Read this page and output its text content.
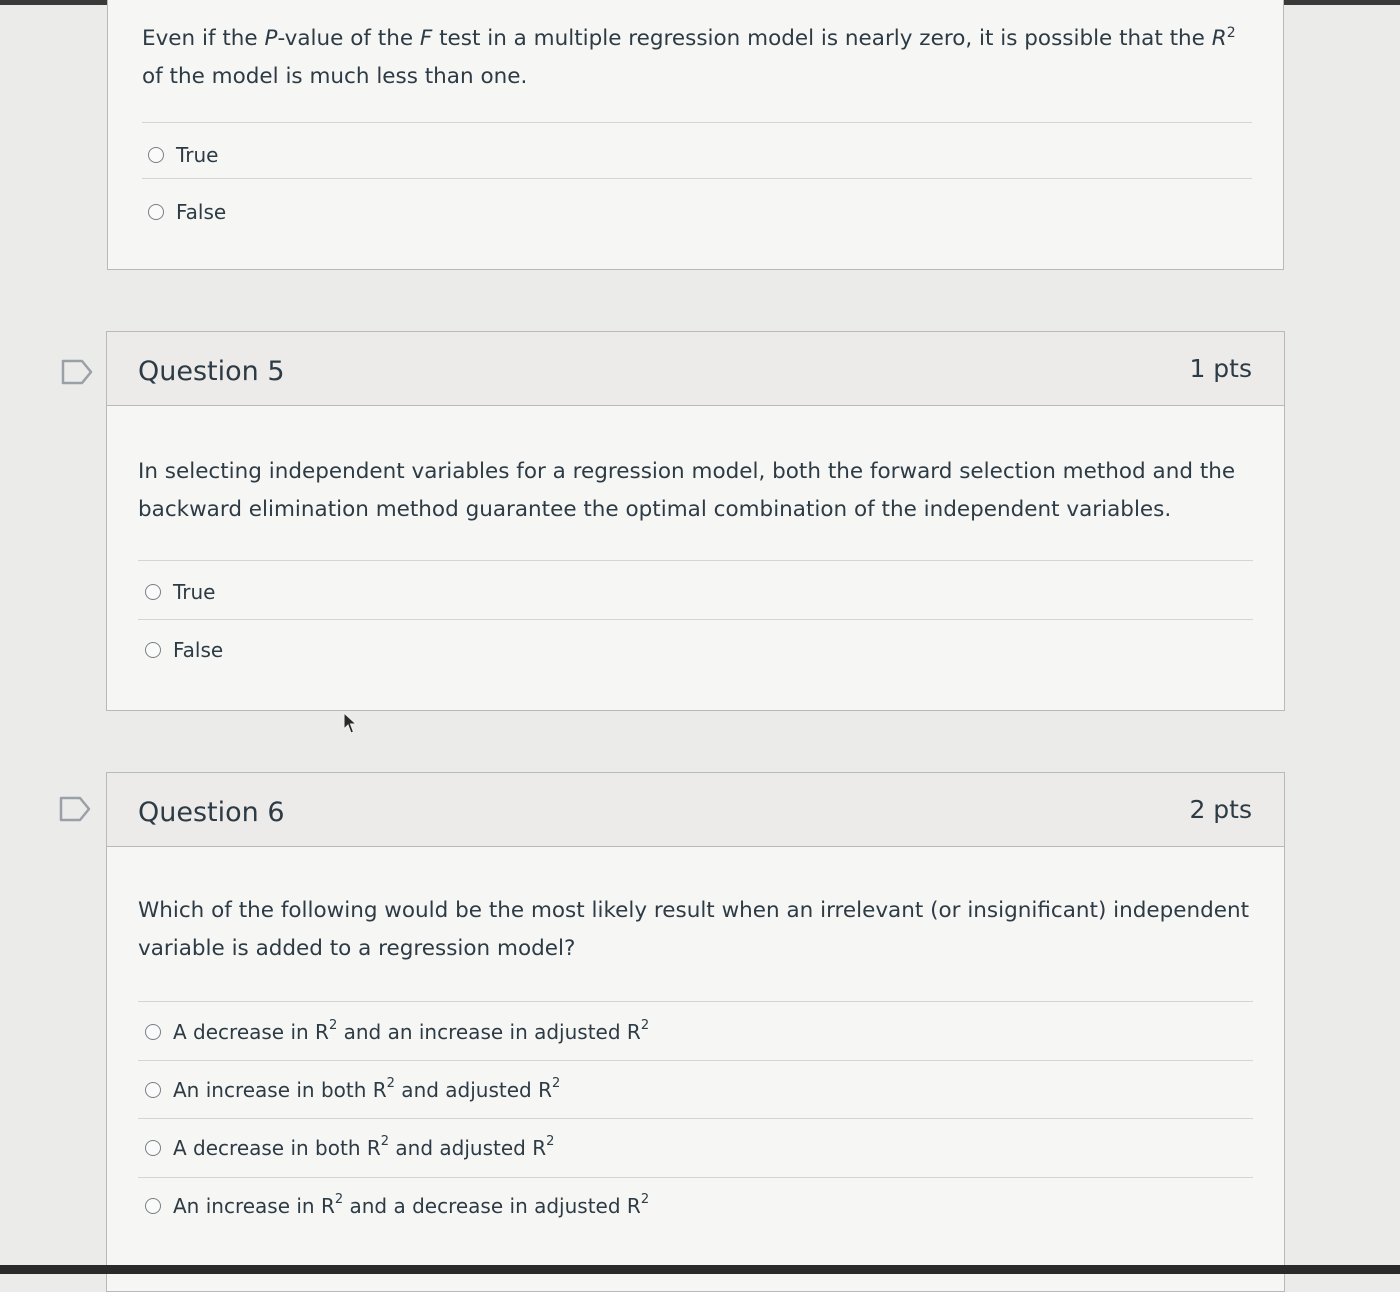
Even if the P-value of the F test in a multiple regression model is nearly zero, it is possible that the $R^2$ of the model is much less than one.
True
False
Question 5	1 pts
In selecting independent variables for a regression model, both the forward selection method and the backward elimination method guarantee the optimal combination of the independent variables.
True
False
Question 6	2 pts
Which of the following would be the most likely result when an irrelevant (or insignificant) independent variable is added to a regression model?
A decrease in $R^2$ and an increase in adjusted $R^2$
An increase in both $R^2$ and adjusted $R^2$
A decrease in both $R^2$ and adjusted $R^2$
An increase in $R^2$ and a decrease in adjusted $R^2$
